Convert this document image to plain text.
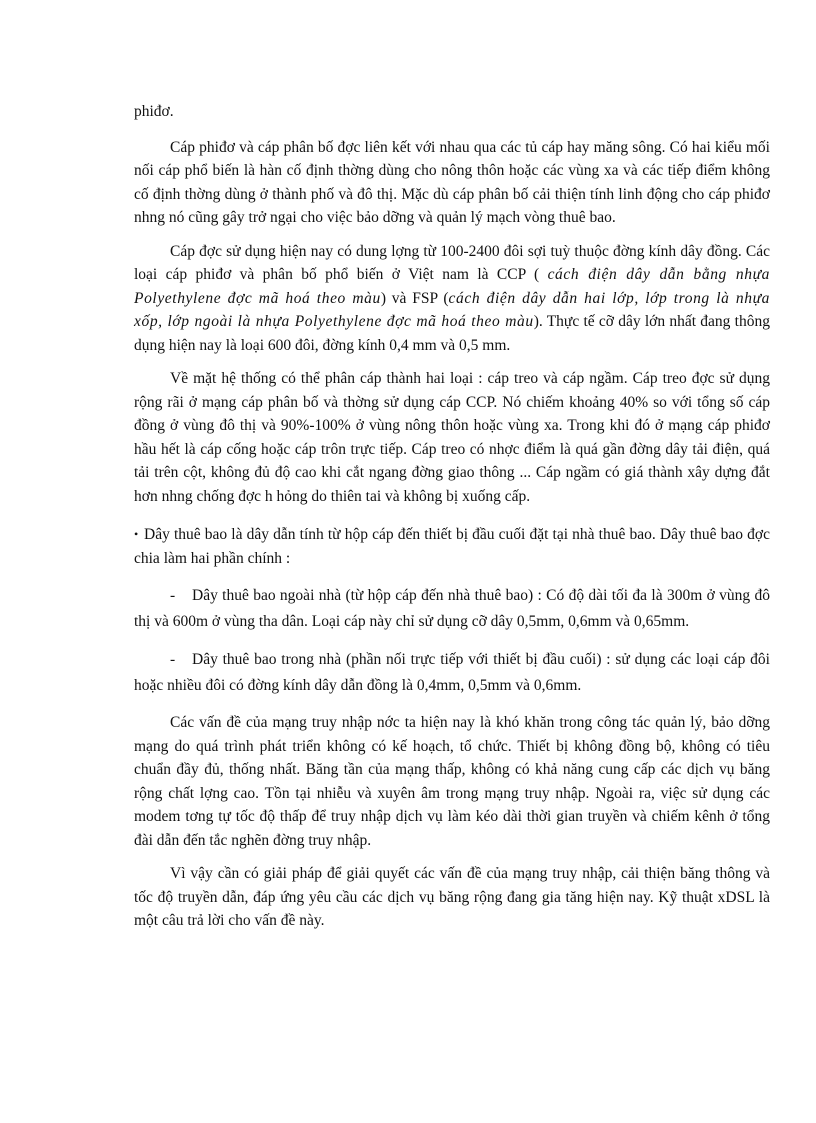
phiđơ.

Cáp phiđơ và cáp phân bố đợc liên kết với nhau qua các tủ cáp hay măng sông. Có hai kiểu mối nối cáp phổ biến là hàn cố định thờng dùng cho nông thôn hoặc các vùng xa và các tiếp điểm không cố định thờng dùng ở thành phố và đô thị. Mặc dù cáp phân bố cải thiện tính linh động cho cáp phiđơ nhng nó cũng gây trở ngại cho việc bảo dỡng và quản lý mạch vòng thuê bao.

Cáp đợc sử dụng hiện nay có dung lợng từ 100-2400 đôi sợi tuỳ thuộc đờng kính dây đồng. Các loại cáp phiđơ và phân bố phổ biến ở Việt nam là CCP ( cách điện dây dẫn bằng nhựa Polyethylene đợc mã hoá theo màu) và FSP (cách điện dây dẫn hai lớp, lớp trong là nhựa xốp, lớp ngoài là nhựa Polyethylene đợc mã hoá theo màu). Thực tế cỡ dây lớn nhất đang thông dụng hiện nay là loại 600 đôi, đờng kính 0,4 mm và 0,5 mm.

Về mặt hệ thống có thể phân cáp thành hai loại : cáp treo và cáp ngầm. Cáp treo đợc sử dụng rộng rãi ở mạng cáp phân bố và thờng sử dụng cáp CCP. Nó chiếm khoảng 40% so với tổng số cáp đồng ở vùng đô thị và 90%-100% ở vùng nông thôn hoặc vùng xa. Trong khi đó ở mạng cáp phiđơ hầu hết là cáp cống hoặc cáp trôn trực tiếp. Cáp treo có nhợc điểm là quá gần đờng dây tải điện, quá tải trên cột, không đủ độ cao khi cắt ngang đờng giao thông ... Cáp ngầm có giá thành xây dựng đắt hơn nhng chống đợc h hỏng do thiên tai và không bị xuống cấp.

• Dây thuê bao là dây dẫn tính từ hộp cáp đến thiết bị đầu cuối đặt tại nhà thuê bao. Dây thuê bao đợc chia làm hai phần chính :

- Dây thuê bao ngoài nhà (từ hộp cáp đến nhà thuê bao) : Có độ dài tối đa là 300m ở vùng đô thị và 600m ở vùng tha dân. Loại cáp này chỉ sử dụng cỡ dây 0,5mm, 0,6mm và 0,65mm.

- Dây thuê bao trong nhà (phần nối trực tiếp với thiết bị đầu cuối) : sử dụng các loại cáp đôi hoặc nhiều đôi có đờng kính dây dẫn đồng là 0,4mm, 0,5mm và 0,6mm.

Các vấn đề của mạng truy nhập nớc ta hiện nay là khó khăn trong công tác quản lý, bảo dỡng mạng do quá trình phát triển không có kế hoạch, tổ chức. Thiết bị không đồng bộ, không có tiêu chuẩn đầy đủ, thống nhất. Băng tần của mạng thấp, không có khả năng cung cấp các dịch vụ băng rộng chất lợng cao. Tồn tại nhiễu và xuyên âm trong mạng truy nhập. Ngoài ra, việc sử dụng các modem tơng tự tốc độ thấp để truy nhập dịch vụ làm kéo dài thời gian truyền và chiếm kênh ở tổng đài dẫn đến tắc nghẽn đờng truy nhập.

Vì vậy cần có giải pháp để giải quyết các vấn đề của mạng truy nhập, cải thiện băng thông và tốc độ truyền dẫn, đáp ứng yêu cầu các dịch vụ băng rộng đang gia tăng hiện nay. Kỹ thuật xDSL là một câu trả lời cho vấn đề này.
